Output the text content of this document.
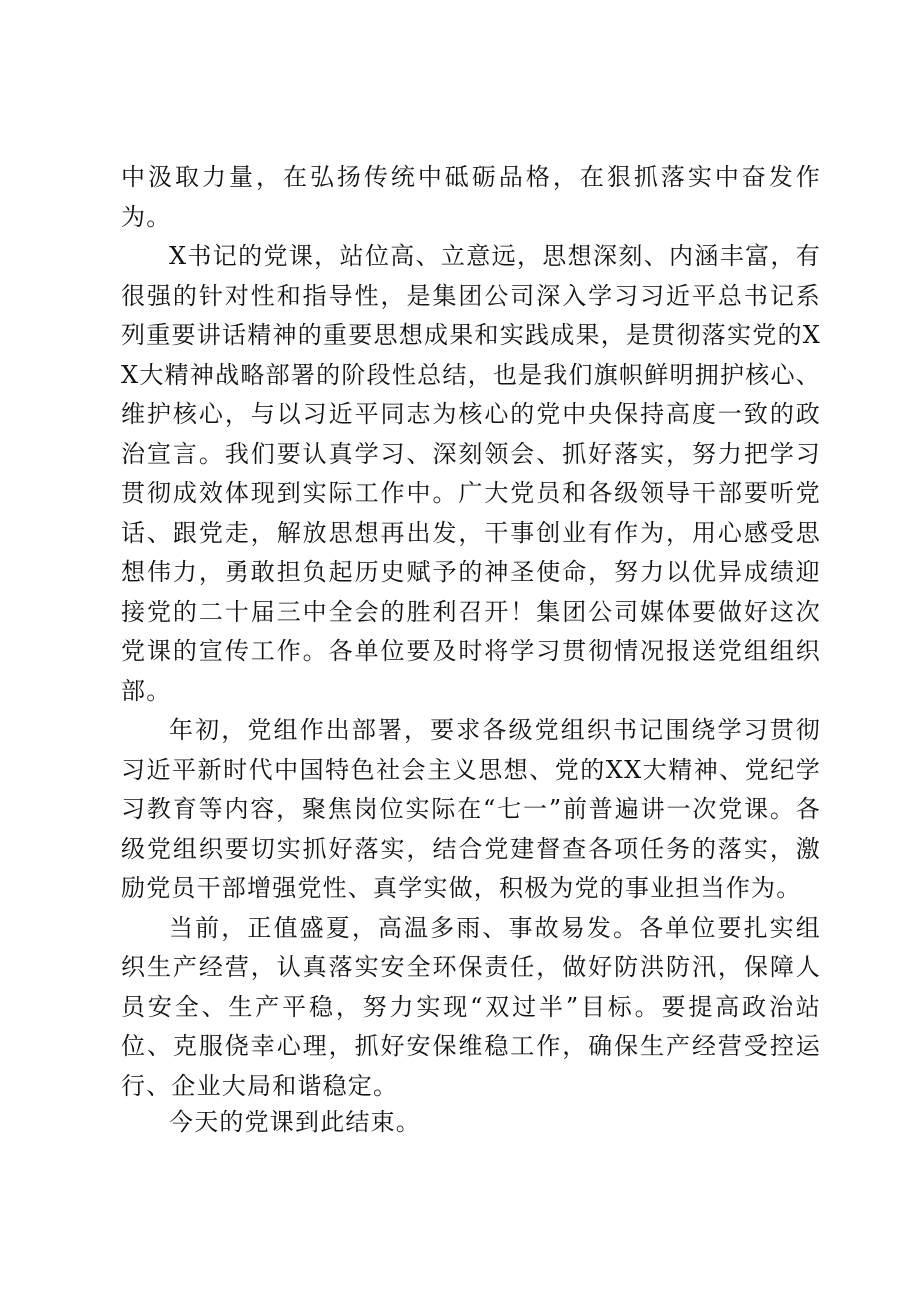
中汲取力量，在弘扬传统中砥砺品格，在狠抓落实中奋发作为。

X书记的党课，站位高、立意远，思想深刻、内涵丰富，有很强的针对性和指导性，是集团公司深入学习习近平总书记系列重要讲话精神的重要思想成果和实践成果，是贯彻落实党的XX大精神战略部署的阶段性总结，也是我们旗帜鲜明拥护核心、维护核心，与以习近平同志为核心的党中央保持高度一致的政治宣言。我们要认真学习、深刻领会、抓好落实，努力把学习贯彻成效体现到实际工作中。广大党员和各级领导干部要听党话、跟党走，解放思想再出发，干事创业有作为，用心感受思想伟力，勇敢担负起历史赋予的神圣使命，努力以优异成绩迎接党的二十届三中全会的胜利召开！集团公司媒体要做好这次党课的宣传工作。各单位要及时将学习贯彻情况报送党组组织部。

年初，党组作出部署，要求各级党组织书记围绕学习贯彻习近平新时代中国特色社会主义思想、党的XX大精神、党纪学习教育等内容，聚焦岗位实际在“七一”前普遍讲一次党课。各级党组织要切实抓好落实，结合党建督查各项任务的落实，激励党员干部增强党性、真学实做，积极为党的事业担当作为。

当前，正值盛夏，高温多雨、事故易发。各单位要扎实组织生产经营，认真落实安全环保责任，做好防洪防汛，保障人员安全、生产平稳，努力实现“双过半”目标。要提高政治站位、克服侥幸心理，抓好安保维稳工作，确保生产经营受控运行、企业大局和谐稳定。

今天的党课到此结束。
